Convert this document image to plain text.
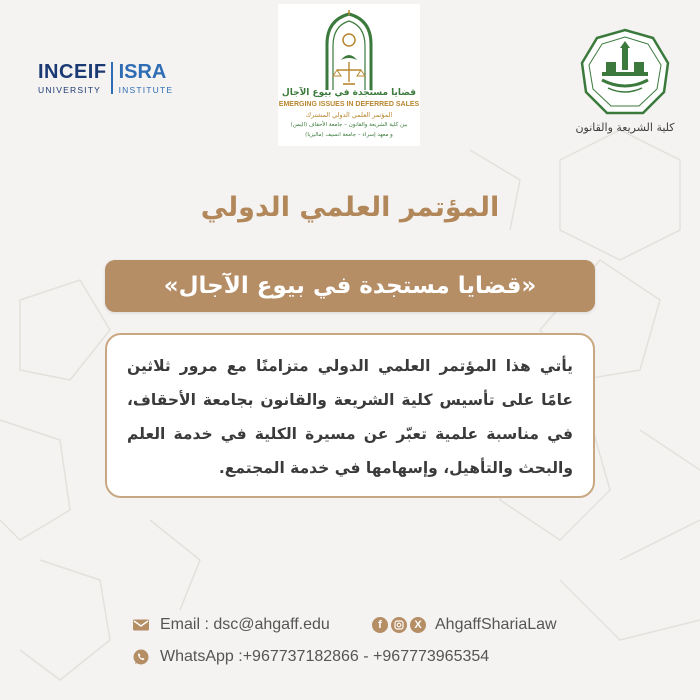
INCEIF
UNIVERSITY
ISRA
INSTITUTE	قضايا مستجدة في بيوع الآجال
EMERGING ISSUES IN DEFERRED SALES
المؤتمر العلمي الدولي المشترك
بين كلية الشريعة والقانون – جامعة الأحقاف (اليمن)
و معهد إسراء – جامعة انسيف (ماليزيا)
كلية الشريعة والقانون
المؤتمر العلمي الدولي
«قضايا مستجدة في بيوع الآجال»
يأتي هذا المؤتمر العلمي الدولي متزامنًا مع مرور ثلاثين عامًا على تأسيس كلية الشريعة والقانون بجامعة الأحقاف، في مناسبة علمية تعبّر عن مسيرة الكلية في خدمة العلم والبحث والتأهيل، وإسهامها في خدمة المجتمع.
Email : dsc@ahgaff.edu
WhatsApp :+967737182866 - +967773965354
f	X AhgaffShariaLaw
